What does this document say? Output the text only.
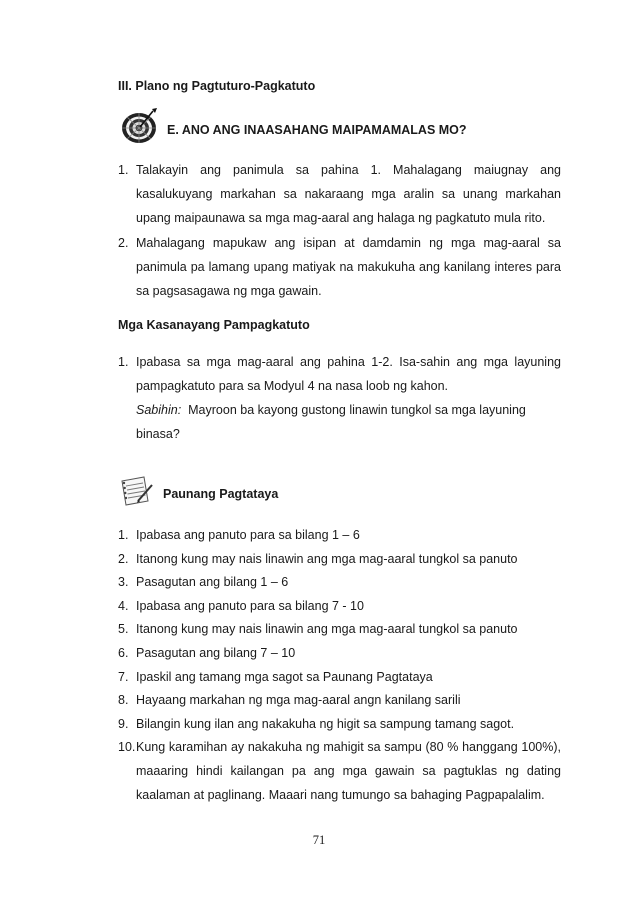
III. Plano ng Pagtuturo-Pagkatuto
E. ANO ANG INAASAHANG MAIPAMAMALAS MO?
1. Talakayin ang panimula sa pahina 1. Mahalagang maiugnay ang kasalukuyang markahan sa nakaraang mga aralin sa unang markahan upang maipaunawa sa mga mag-aaral ang halaga ng pagkatuto mula rito.
2. Mahalagang mapukaw ang isipan at damdamin ng mga mag-aaral sa panimula pa lamang upang matiyak na makukuha ang kanilang interes para sa pagsasagawa ng mga gawain.
Mga Kasanayang Pampagkatuto
1. Ipabasa sa mga mag-aaral ang pahina 1-2. Isa-sahin ang mga layuning pampagkatuto para sa Modyul 4 na nasa loob ng kahon.
Sabihin: Mayroon ba kayong gustong linawin tungkol sa mga layuning binasa?
Paunang Pagtataya
1. Ipabasa ang panuto para sa bilang 1 – 6
2. Itanong kung may nais linawin ang mga mag-aaral tungkol sa panuto
3. Pasagutan ang bilang 1 – 6
4. Ipabasa ang panuto para sa bilang 7 - 10
5. Itanong kung may nais linawin ang mga mag-aaral tungkol sa panuto
6. Pasagutan ang bilang 7 – 10
7. Ipaskil ang tamang mga sagot sa Paunang Pagtataya
8. Hayaang markahan ng mga mag-aaral angn kanilang sarili
9. Bilangin kung ilan ang nakakuha ng higit sa sampung tamang sagot.
10. Kung karamihan ay nakakuha ng mahigit sa sampu (80 % hanggang 100%), maaaring hindi kailangan pa ang mga gawain sa pagtuklas ng dating kaalaman at paglinang. Maaari nang tumungo sa bahaging Pagpapalalim.
71
